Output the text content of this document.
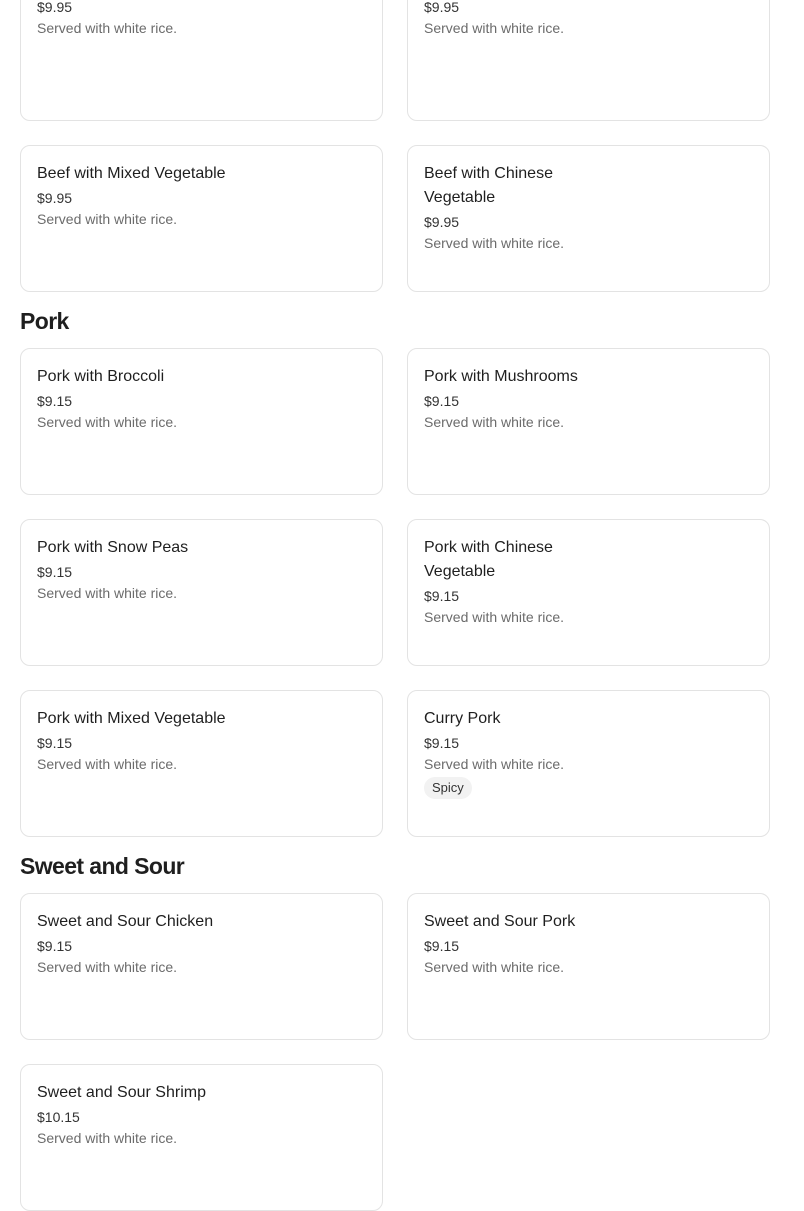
$9.95
Served with white rice.
$9.95
Served with white rice.
Beef with Mixed Vegetable
$9.95
Served with white rice.
Beef with Chinese Vegetable
$9.95
Served with white rice.
Pork
Pork with Broccoli
$9.15
Served with white rice.
Pork with Mushrooms
$9.15
Served with white rice.
Pork with Snow Peas
$9.15
Served with white rice.
Pork with Chinese Vegetable
$9.15
Served with white rice.
Pork with Mixed Vegetable
$9.15
Served with white rice.
Curry Pork
$9.15
Served with white rice.
Spicy
Sweet and Sour
Sweet and Sour Chicken
$9.15
Served with white rice.
Sweet and Sour Pork
$9.15
Served with white rice.
Sweet and Sour Shrimp
$10.15
Served with white rice.
